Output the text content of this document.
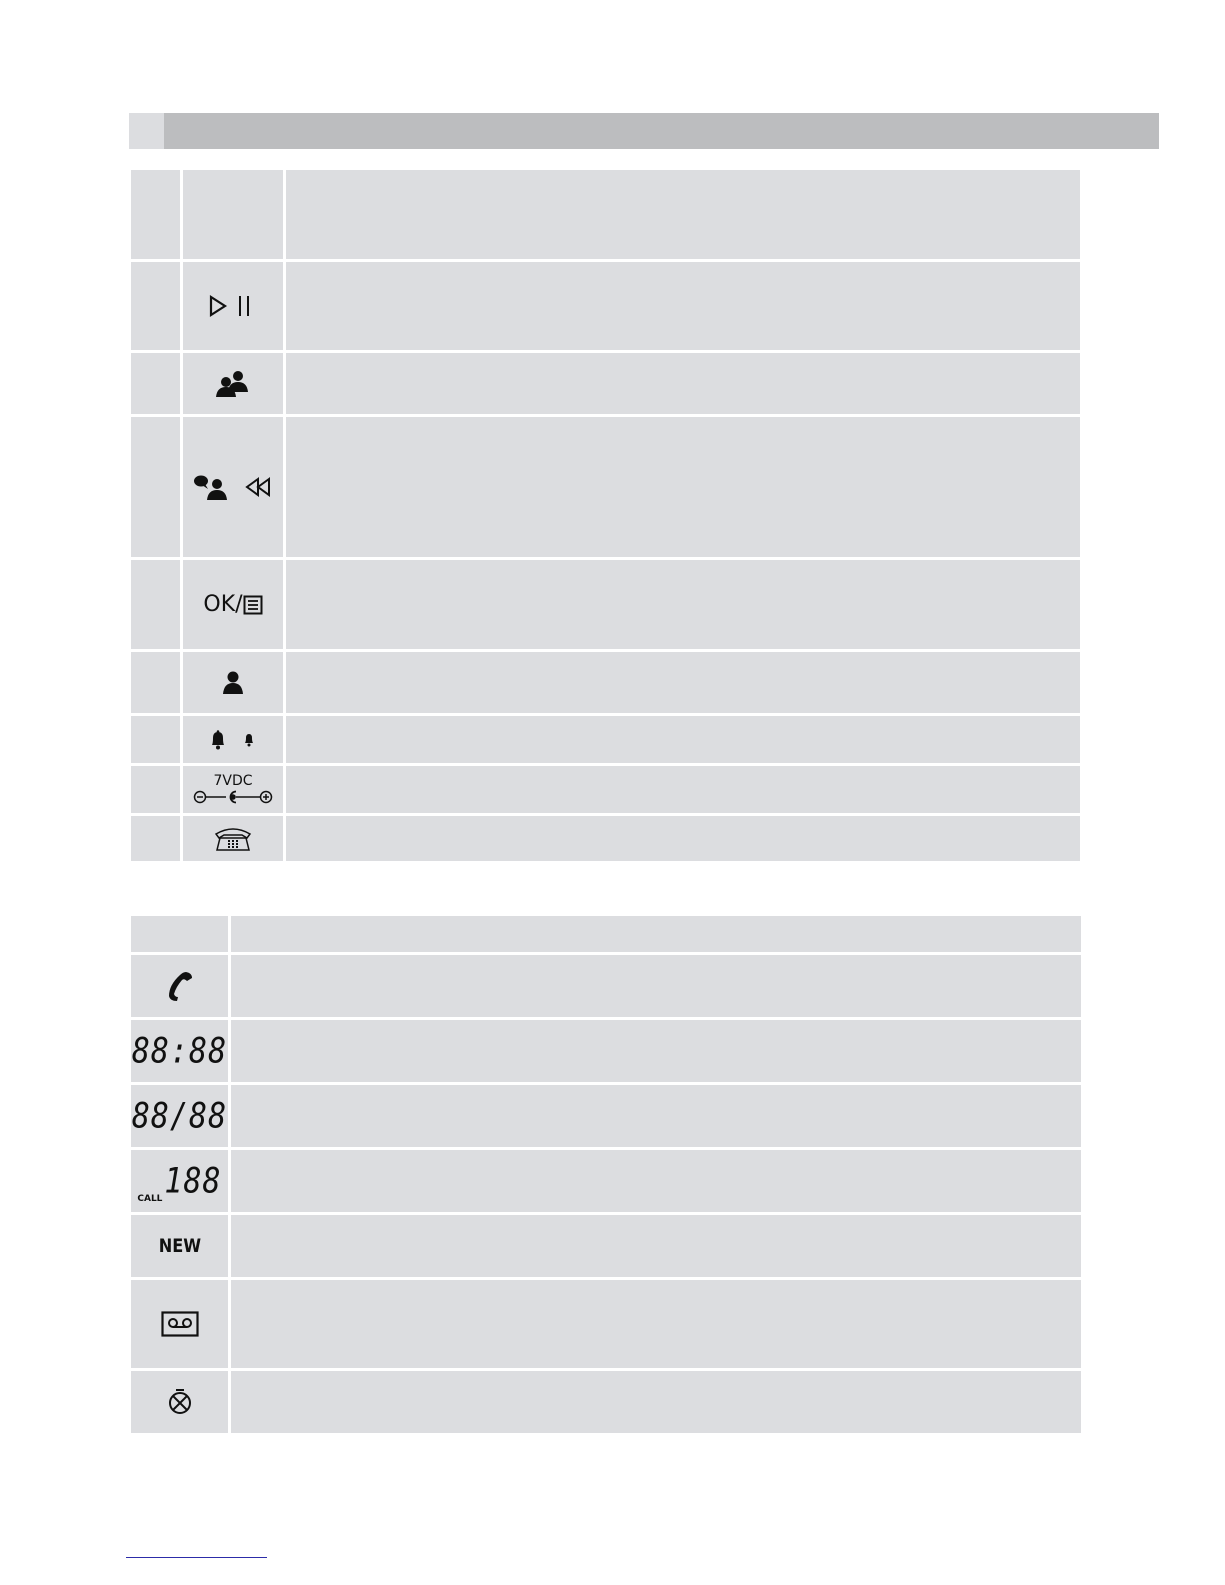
OK/
7VDC
88:88
88/88
CALL 188
NEW
